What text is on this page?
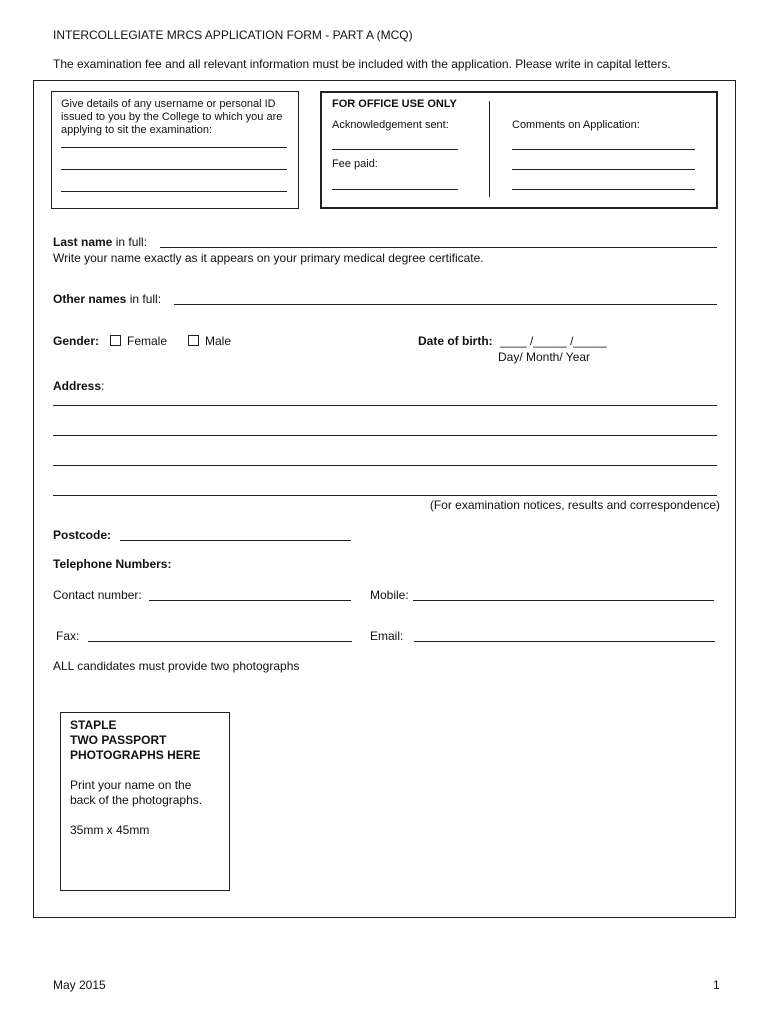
INTERCOLLEGIATE MRCS APPLICATION FORM - PART A (MCQ)
The examination fee and all relevant information must be included with the application. Please write in capital letters.
Give details of any username or personal ID issued to you by the College to which you are applying to sit the examination:
FOR OFFICE USE ONLY
Acknowledgement sent:
Fee paid:
Comments on Application:
Last name in full:
Write your name exactly as it appears on your primary medical degree certificate.
Other names in full:
Gender:	Female	Male	Date of birth: ____ /_____ /_____
Day/ Month/ Year
Address:
(For examination notices, results and correspondence)
Postcode:
Telephone Numbers:
Contact number:	Mobile:
Fax:	Email:
ALL candidates must provide two photographs
STAPLE
TWO PASSPORT
PHOTOGRAPHS HERE
Print your name on the back of the photographs.
35mm x 45mm
May 2015	1
